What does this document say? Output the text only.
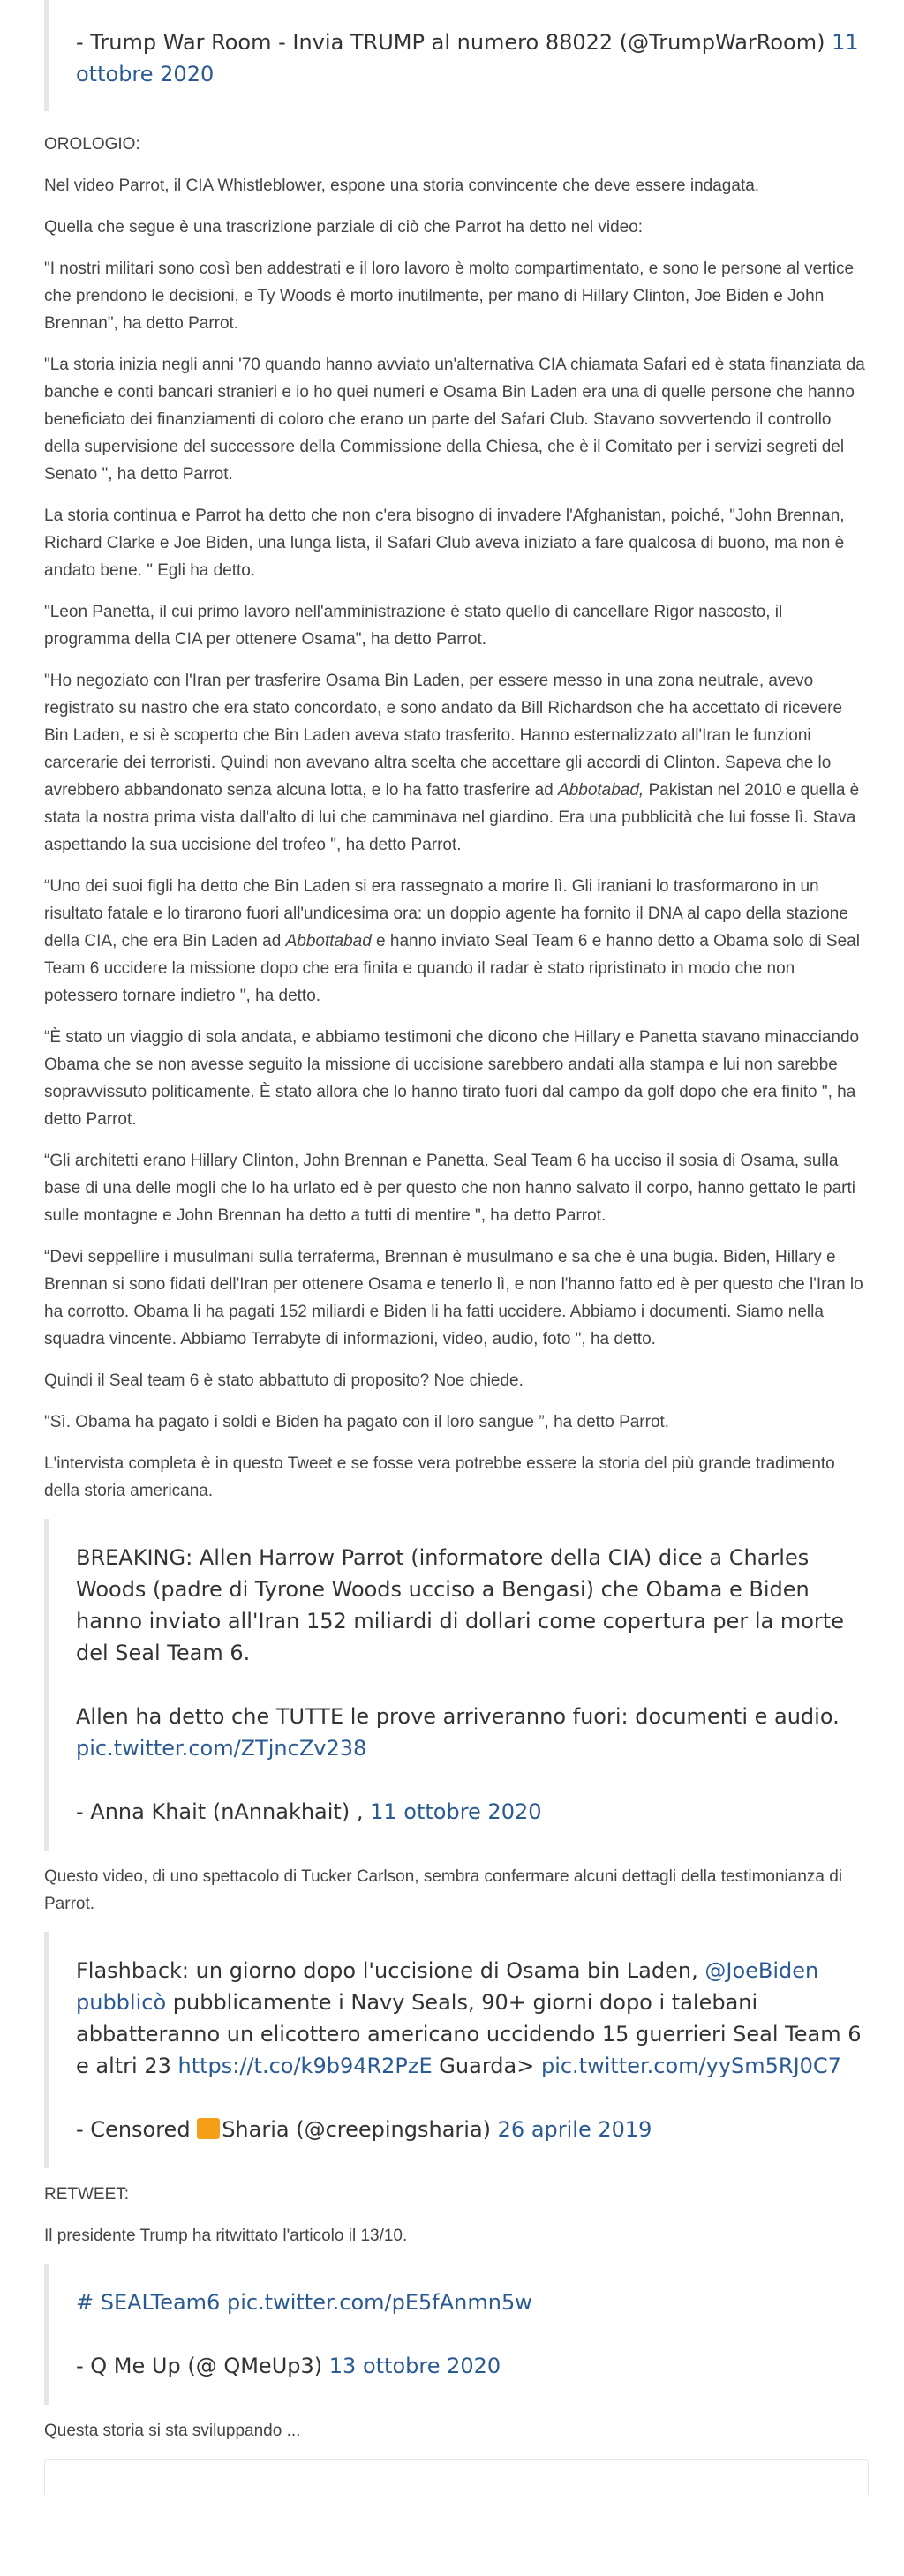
- Trump War Room - Invia TRUMP al numero 88022 (@TrumpWarRoom) 11 ottobre 2020

OROLOGIO:

Nel video Parrot, il CIA Whistleblower, espone una storia convincente che deve essere indagata.

Quella che segue è una trascrizione parziale di ciò che Parrot ha detto nel video:

"I nostri militari sono così ben addestrati e il loro lavoro è molto compartimentato, e sono le persone al vertice che prendono le decisioni, e Ty Woods è morto inutilmente, per mano di Hillary Clinton, Joe Biden e John Brennan", ha detto Parrot.

"La storia inizia negli anni '70 quando hanno avviato un'alternativa CIA chiamata Safari ed è stata finanziata da banche e conti bancari stranieri e io ho quei numeri e Osama Bin Laden era una di quelle persone che hanno beneficiato dei finanziamenti di coloro che erano un parte del Safari Club. Stavano sovvertendo il controllo della supervisione del successore della Commissione della Chiesa, che è il Comitato per i servizi segreti del Senato ", ha detto Parrot.

La storia continua e Parrot ha detto che non c'era bisogno di invadere l'Afghanistan, poiché, "John Brennan, Richard Clarke e Joe Biden, una lunga lista, il Safari Club aveva iniziato a fare qualcosa di buono, ma non è andato bene. " Egli ha detto.

"Leon Panetta, il cui primo lavoro nell'amministrazione è stato quello di cancellare Rigor nascosto, il programma della CIA per ottenere Osama", ha detto Parrot.

"Ho negoziato con l'Iran per trasferire Osama Bin Laden, per essere messo in una zona neutrale, avevo registrato su nastro che era stato concordato, e sono andato da Bill Richardson che ha accettato di ricevere Bin Laden, e si è scoperto che Bin Laden aveva stato trasferito. Hanno esternalizzato all'Iran le funzioni carcerarie dei terroristi. Quindi non avevano altra scelta che accettare gli accordi di Clinton. Sapeva che lo avrebbero abbandonato senza alcuna lotta, e lo ha fatto trasferire ad Abbotabad, Pakistan nel 2010 e quella è stata la nostra prima vista dall'alto di lui che camminava nel giardino. Era una pubblicità che lui fosse lì. Stava aspettando la sua uccisione del trofeo ", ha detto Parrot.

“Uno dei suoi figli ha detto che Bin Laden si era rassegnato a morire lì. Gli iraniani lo trasformarono in un risultato fatale e lo tirarono fuori all'undicesima ora: un doppio agente ha fornito il DNA al capo della stazione della CIA, che era Bin Laden ad Abbottabad e hanno inviato Seal Team 6 e hanno detto a Obama solo di Seal Team 6 uccidere la missione dopo che era finita e quando il radar è stato ripristinato in modo che non potessero tornare indietro ", ha detto.

“È stato un viaggio di sola andata, e abbiamo testimoni che dicono che Hillary e Panetta stavano minacciando Obama che se non avesse seguito la missione di uccisione sarebbero andati alla stampa e lui non sarebbe sopravvissuto politicamente. È stato allora che lo hanno tirato fuori dal campo da golf dopo che era finito ", ha detto Parrot.

“Gli architetti erano Hillary Clinton, John Brennan e Panetta. Seal Team 6 ha ucciso il sosia di Osama, sulla base di una delle mogli che lo ha urlato ed è per questo che non hanno salvato il corpo, hanno gettato le parti sulle montagne e John Brennan ha detto a tutti di mentire ", ha detto Parrot.

“Devi seppellire i musulmani sulla terraferma, Brennan è musulmano e sa che è una bugia. Biden, Hillary e Brennan si sono fidati dell'Iran per ottenere Osama e tenerlo lì, e non l'hanno fatto ed è per questo che l'Iran lo ha corrotto. Obama li ha pagati 152 miliardi e Biden li ha fatti uccidere. Abbiamo i documenti. Siamo nella squadra vincente. Abbiamo Terrabyte di informazioni, video, audio, foto ", ha detto.

Quindi il Seal team 6 è stato abbattuto di proposito? Noe chiede.

"Sì. Obama ha pagato i soldi e Biden ha pagato con il loro sangue ”, ha detto Parrot.

L'intervista completa è in questo Tweet e se fosse vera potrebbe essere la storia del più grande tradimento della storia americana.

BREAKING: Allen Harrow Parrot (informatore della CIA) dice a Charles Woods (padre di Tyrone Woods ucciso a Bengasi) che Obama e Biden hanno inviato all'Iran 152 miliardi di dollari come copertura per la morte del Seal Team 6.

Allen ha detto che TUTTE le prove arriveranno fuori: documenti e audio.
pic.twitter.com/ZTjncZv238

- Anna Khait (nAnnakhait) , 11 ottobre 2020

Questo video, di uno spettacolo di Tucker Carlson, sembra confermare alcuni dettagli della testimonianza di Parrot.

Flashback: un giorno dopo l'uccisione di Osama bin Laden, @JoeBiden pubblicò pubblicamente i Navy Seals, 90+ giorni dopo i talebani abbatteranno un elicottero americano uccidendo 15 guerrieri Seal Team 6 e altri 23 https://t.co/k9b94R2PzE Guarda> pic.twitter.com/yySm5RJ0C7

- Censored Sharia (@creepingsharia) 26 aprile 2019

RETWEET:

Il presidente Trump ha ritwittato l'articolo il 13/10.

# SEALTeam6 pic.twitter.com/pE5fAnmn5w

- Q Me Up (@ QMeUp3) 13 ottobre 2020

Questa storia si sta sviluppando ...
